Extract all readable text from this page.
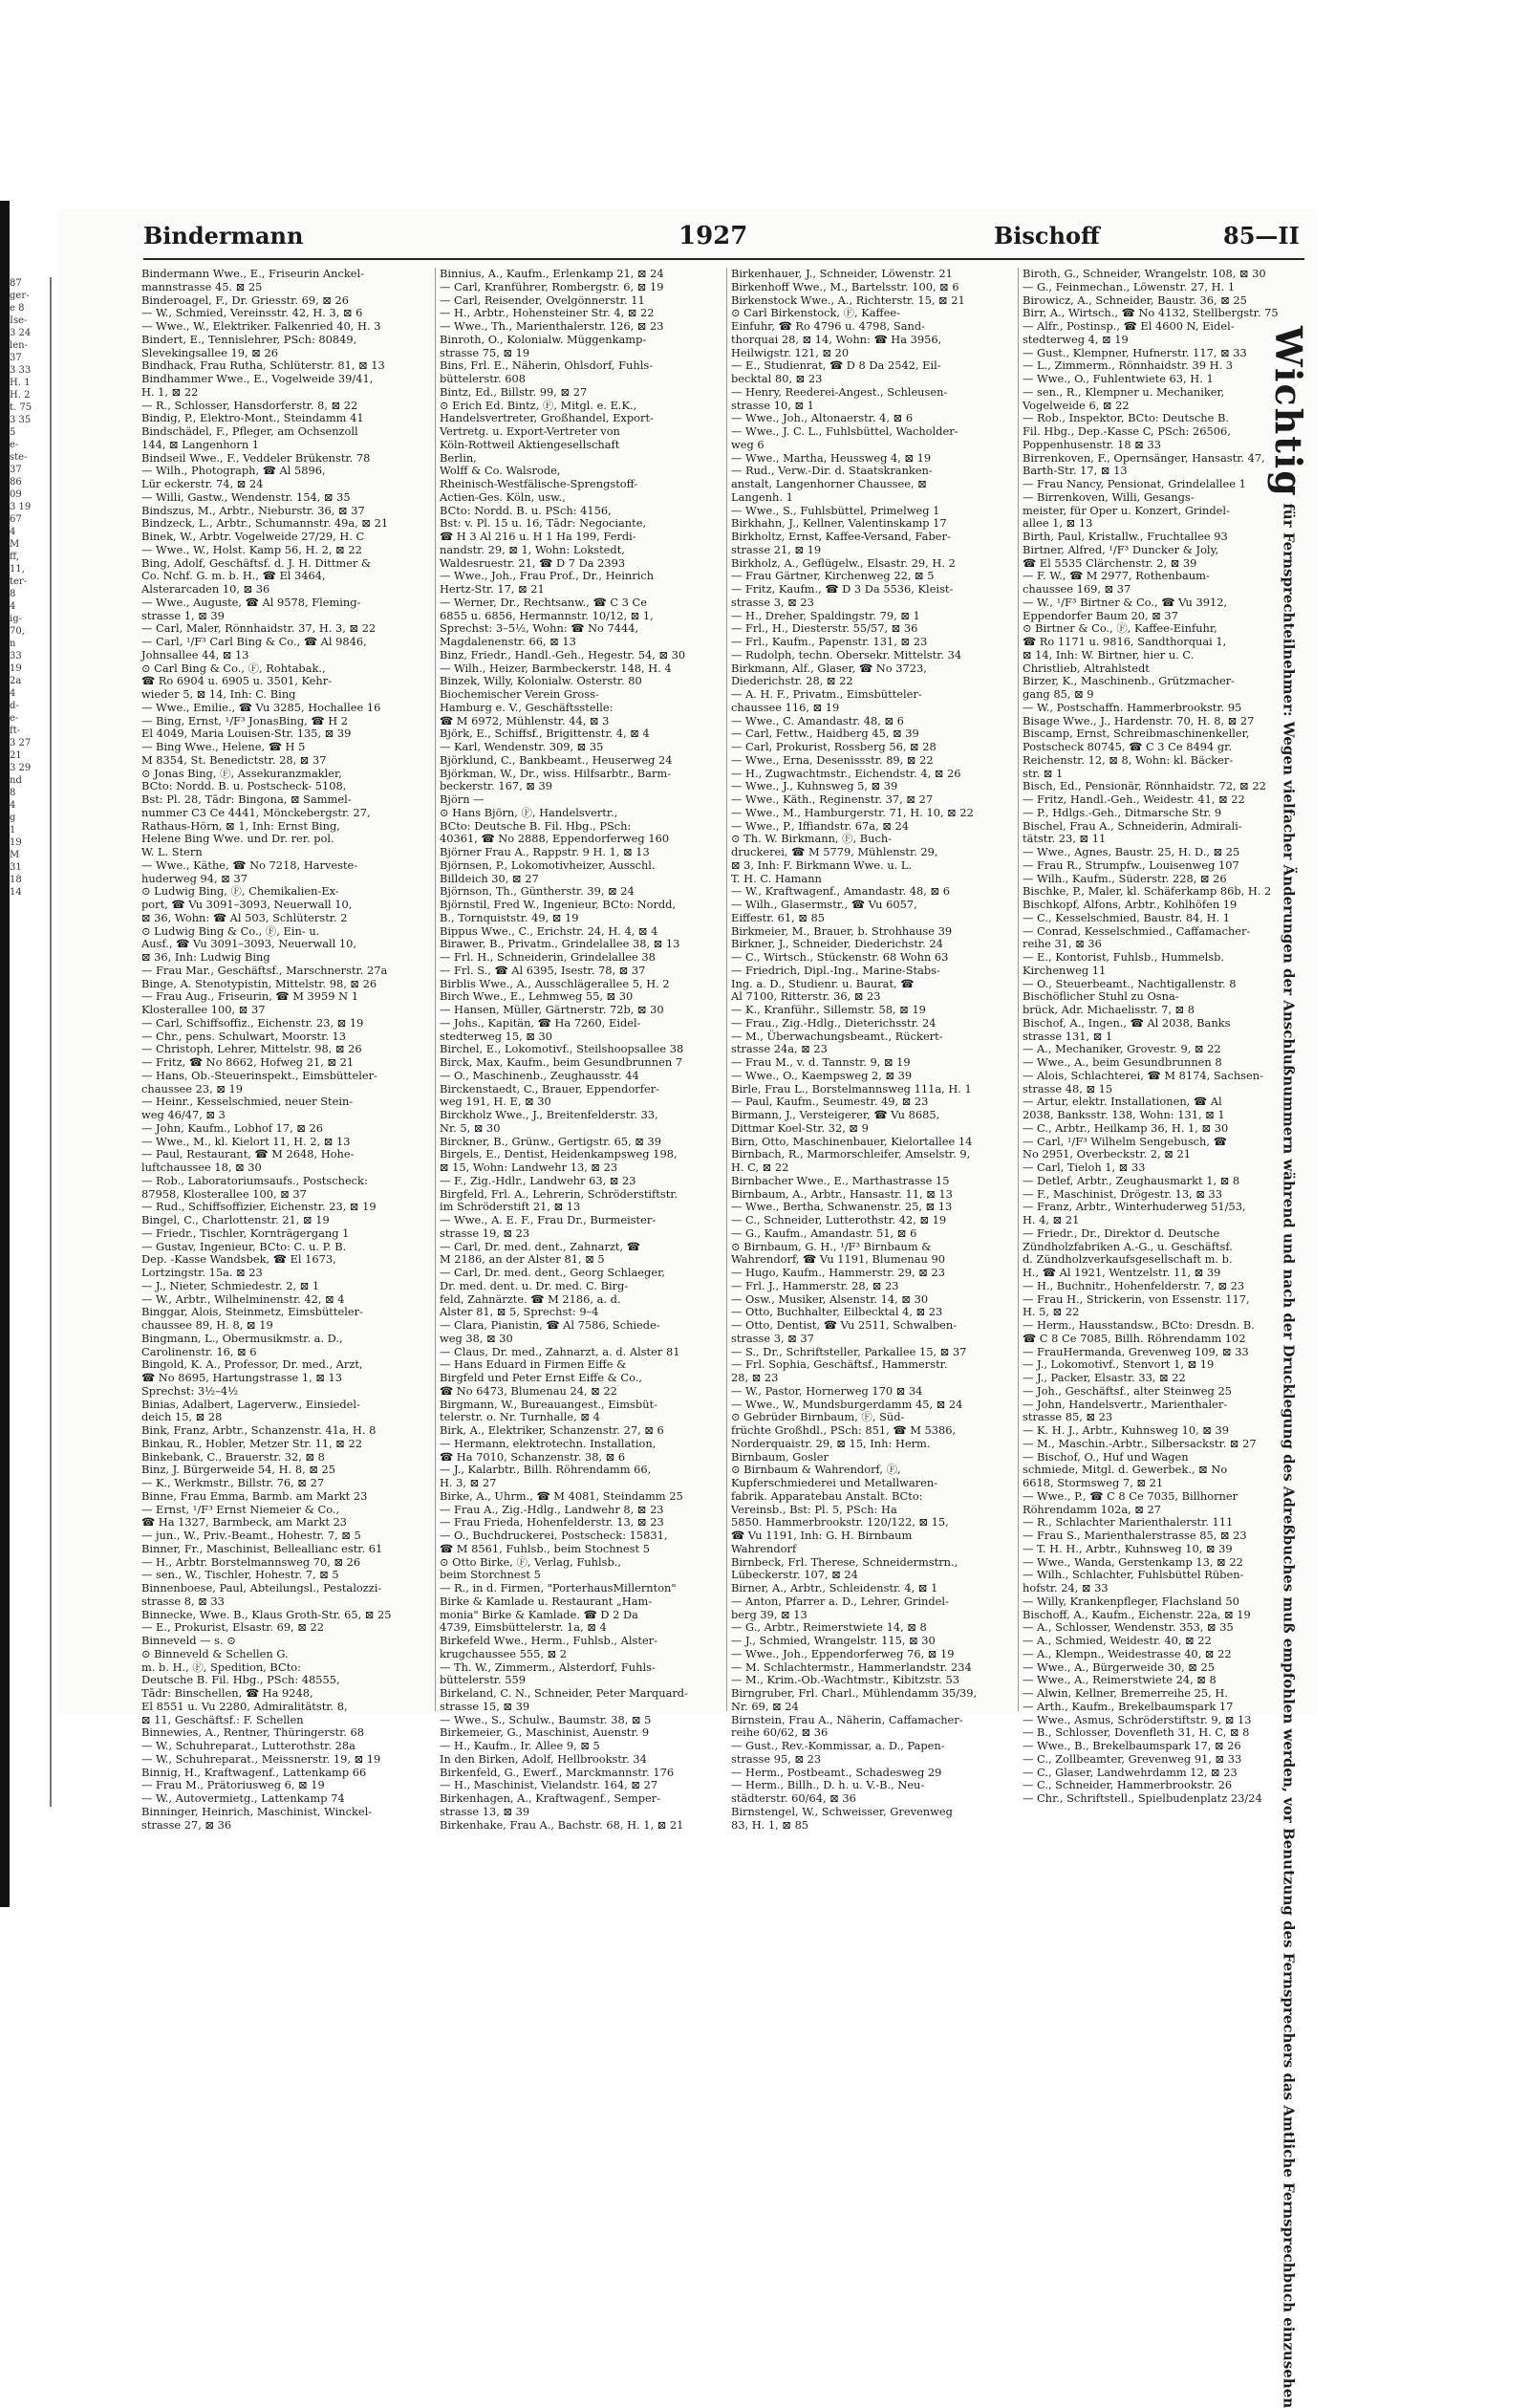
87
ger-
e 8
Ise-
3 24
len-
37
3 33
H. 1
H. 2
t. 75
3 35
5
e-
ste-
37
86
09
3 19
67
4
M
ff,
11,
ter-
8
4
ig-
70,
n
33
19
2a
4
d-
e-
ft-
3 27
21
3 29
nd
8
4
g
1
19
M
31
18
14
Bindermann	1927	Bischoff	85—II
Bindermann Wwe., E., Friseurin Anckel-
mannstrasse 45. ⊠ 25
Binderoagel, F., Dr. Griesstr. 69, ⊠ 26
— W., Schmied, Vereinsstr. 42, H. 3, ⊠ 6
— Wwe., W., Elektriker. Falkenried 40, H. 3
Bindert, E., Tennislehrer, PSch: 80849,
Slevekingsallee 19, ⊠ 26
Bindhack, Frau Rutha, Schlüterstr. 81, ⊠ 13
Bindhammer Wwe., E., Vogelweide 39/41,
H. 1, ⊠ 22
— R., Schlosser, Hansdorferstr. 8, ⊠ 22
Bindig, P., Elektro-Mont., Steindamm 41
Bindschädel, F., Pfleger, am Ochsenzoll
144, ⊠ Langenhorn 1
Bindseil Wwe., F., Veddeler Brükenstr. 78
— Wilh., Photograph, ☎ Al 5896,
Lür eckerstr. 74, ⊠ 24
— Willi, Gastw., Wendenstr. 154, ⊠ 35
Bindszus, M., Arbtr., Nieburstr. 36, ⊠ 37
Bindzeck, L., Arbtr., Schumannstr. 49a, ⊠ 21
Binek, W., Arbtr. Vogelweide 27/29, H. C
— Wwe., W., Holst. Kamp 56, H. 2, ⊠ 22
Bing, Adolf, Geschäftsf. d. J. H. Dittmer &
Co. Nchf. G. m. b. H., ☎ El 3464,
Alsterarcaden 10, ⊠ 36
— Wwe., Auguste, ☎ Al 9578, Fleming-
strasse 1, ⊠ 39
— Carl, Maler, Rönnhaidstr. 37, H. 3, ⊠ 22
— Carl, ¹/F³ Carl Bing & Co., ☎ Al 9846,
Johnsallee 44, ⊠ 13
⊙ Carl Bing & Co., Ⓕ, Rohtabak.,
☎ Ro 6904 u. 6905 u. 3501, Kehr-
wieder 5, ⊠ 14, Inh: C. Bing
— Wwe., Emilie., ☎ Vu 3285, Hochallee 16
— Bing, Ernst, ¹/F³ JonasBing, ☎ H 2
El 4049, Maria Louisen-Str. 135, ⊠ 39
— Bing Wwe., Helene, ☎ H 5
M 8354, St. Benedictstr. 28, ⊠ 37
⊙ Jonas Bing, Ⓕ, Assekuranzmakler,
BCto: Nordd. B. u. Postscheck- 5108,
Bst: Pl. 28, Tādr: Bingona, ⊠ Sammel-
nummer C3 Ce 4441, Mönckebergstr. 27,
Rathaus-Hörn, ⊠ 1, Inh: Ernst Bing,
Helene Bing Wwe. und Dr. rer. pol.
W. L. Stern
— Wwe., Käthe, ☎ No 7218, Harveste-
huderweg 94, ⊠ 37
⊙ Ludwig Bing, Ⓕ, Chemikalien-Ex-
port, ☎ Vu 3091–3093, Neuerwall 10,
⊠ 36, Wohn: ☎ Al 503, Schlüterstr. 2
⊙ Ludwig Bing & Co., Ⓕ, Ein- u.
Ausf., ☎ Vu 3091–3093, Neuerwall 10,
⊠ 36, Inh: Ludwig Bing
— Frau Mar., Geschäftsf., Marschnerstr. 27a
Binge, A. Stenotypistin, Mittelstr. 98, ⊠ 26
— Frau Aug., Friseurin, ☎ M 3959 N 1
Klosterallee 100, ⊠ 37
— Carl, Schiffsoffiz., Eichenstr. 23, ⊠ 19
— Chr., pens. Schulwart, Moorstr. 13
— Christoph, Lehrer, Mittelstr. 98, ⊠ 26
— Fritz, ☎ No 8662, Hofweg 21, ⊠ 21
— Hans, Ob.-Steuerinspekt., Eimsbütteler-
chaussee 23, ⊠ 19
— Heinr., Kesselschmied, neuer Stein-
weg 46/47, ⊠ 3
— John, Kaufm., Lobhof 17, ⊠ 26
— Wwe., M., kl. Kielort 11, H. 2, ⊠ 13
— Paul, Restaurant, ☎ M 2648, Hohe-
luftchaussee 18, ⊠ 30
— Rob., Laboratoriumsaufs., Postscheck:
87958, Klosterallee 100, ⊠ 37
— Rud., Schiffsoffizier, Eichenstr. 23, ⊠ 19
Bingel, C., Charlottenstr. 21, ⊠ 19
— Friedr., Tischler, Kornträgergang 1
— Gustav, Ingenieur, BCto: C. u. P. B.
Dep. -Kasse Wandsbek, ☎ El 1673,
Lortzingstr. 15a. ⊠ 23
— J., Nieter, Schmiedestr. 2, ⊠ 1
— W., Arbtr., Wilhelminenstr. 42, ⊠ 4
Binggar, Alois, Steinmetz, Eimsbütteler-
chaussee 89, H. 8, ⊠ 19
Bingmann, L., Obermusikmstr. a. D.,
Carolinenstr. 16, ⊠ 6
Bingold, K. A., Professor, Dr. med., Arzt,
☎ No 8695, Hartungstrasse 1, ⊠ 13
Sprechst: 3½–4½
Binias, Adalbert, Lagerverw., Einsiedel-
deich 15, ⊠ 28
Bink, Franz, Arbtr., Schanzenstr. 41a, H. 8
Binkau, R., Hobler, Metzer Str. 11, ⊠ 22
Binkebank, C., Brauerstr. 32, ⊠ 8
Binz, J. Bürgerweide 54, H. 8, ⊠ 25
— K., Werkmstr., Billstr. 76, ⊠ 27
Binne, Frau Emma, Barmb. am Markt 23
— Ernst, ¹/F³ Ernst Niemeier & Co.,
☎ Ha 1327, Barmbeck, am Markt 23
— jun., W., Priv.-Beamt., Hohestr. 7, ⊠ 5
Binner, Fr., Maschinist, Belleallianc estr. 61
— H., Arbtr. Borstelmannsweg 70, ⊠ 26
— sen., W., Tischler, Hohestr. 7, ⊠ 5
Binnenboese, Paul, Abteilungsl., Pestalozzi-
strasse 8, ⊠ 33
Binnecke, Wwe. B., Klaus Groth-Str. 65, ⊠ 25
— E., Prokurist, Elsastr. 69, ⊠ 22
Binneveld — s. ⊙
⊙ Binneveld & Schellen G.
m. b. H., Ⓕ, Spedition, BCto:
Deutsche B. Fil. Hbg., PSch: 48555,
Tādr: Binschellen, ☎ Ha 9248,
El 8551 u. Vu 2280, Admiralitätstr. 8,
⊠ 11, Geschäftsf.: F. Schellen
Binnewies, A., Rentner, Thüringerstr. 68
— W., Schuhreparat., Lutterothstr. 28a
— W., Schuhreparat., Meissnerstr. 19, ⊠ 19
Binnig, H., Kraftwagenf., Lattenkamp 66
— Frau M., Prätoriusweg 6, ⊠ 19
— W., Autovermietg., Lattenkamp 74
Binninger, Heinrich, Maschinist, Winckel-
strasse 27, ⊠ 36
Binnius, A., Kaufm., Erlenkamp 21, ⊠ 24
— Carl, Kranführer, Rombergstr. 6, ⊠ 19
— Carl, Reisender, Ovelgönnerstr. 11
— H., Arbtr., Hohensteiner Str. 4, ⊠ 22
— Wwe., Th., Marienthalerstr. 126, ⊠ 23
Binroth, O., Kolonialw. Müggenkamp-
strasse 75, ⊠ 19
Bins, Frl. E., Näherin, Ohlsdorf, Fuhls-
büttelerstr. 608
Bintz, Ed., Billstr. 99, ⊠ 27
⊙ Erich Ed. Bintz, Ⓕ, Mitgl. e. E.K.,
Handelsvertreter, Großhandel, Export-
Vertretg. u. Export-Vertreter von
Köln-Rottweil Aktiengesellschaft
Berlin,
Wolff & Co. Walsrode,
Rheinisch-Westfälische-Sprengstoff-
Actien-Ges. Köln, usw.,
BCto: Nordd. B. u. PSch: 4156,
Bst: v. Pl. 15 u. 16, Tādr: Negociante,
☎ H 3 Al 216 u. H 1 Ha 199, Ferdi-
nandstr. 29, ⊠ 1, Wohn: Lokstedt,
Waldesruestr. 21, ☎ D 7 Da 2393
— Wwe., Joh., Frau Prof., Dr., Heinrich
Hertz-Str. 17, ⊠ 21
— Werner, Dr., Rechtsanw., ☎ C 3 Ce
6855 u. 6856, Hermannstr. 10/12, ⊠ 1,
Sprechst: 3–5½, Wohn: ☎ No 7444,
Magdalenenstr. 66, ⊠ 13
Binz, Friedr., Handl.-Geh., Hegestr. 54, ⊠ 30
— Wilh., Heizer, Barmbeckerstr. 148, H. 4
Binzek, Willy, Kolonialw. Osterstr. 80
Biochemischer Verein Gross-
Hamburg e. V., Geschäftsstelle:
☎ M 6972, Mühlenstr. 44, ⊠ 3
Björk, E., Schiffsf., Brigittenstr. 4, ⊠ 4
— Karl, Wendenstr. 309, ⊠ 35
Björklund, C., Bankbeamt., Heuserweg 24
Björkman, W., Dr., wiss. Hilfsarbtr., Barm-
beckerstr. 167, ⊠ 39
Björn —
⊙ Hans Björn, Ⓕ, Handelsvertr.,
BCto: Deutsche B. Fil. Hbg., PSch:
40361, ☎ No 2888, Eppendorferweg 160
Björner Frau A., Rappstr. 9 H. 1, ⊠ 13
Björnsen, P., Lokomotivheizer, Ausschl.
Billdeich 30, ⊠ 27
Björnson, Th., Güntherstr. 39, ⊠ 24
Björnstil, Fred W., Ingenieur, BCto: Nordd,
B., Tornquiststr. 49, ⊠ 19
Bippus Wwe., C., Erichstr. 24, H. 4, ⊠ 4
Birawer, B., Privatm., Grindelallee 38, ⊠ 13
— Frl. H., Schneiderin, Grindelallee 38
— Frl. S., ☎ Al 6395, Isestr. 78, ⊠ 37
Birblis Wwe., A., Ausschlägerallee 5, H. 2
Birch Wwe., E., Lehmweg 55, ⊠ 30
— Hansen, Müller, Gärtnerstr. 72b, ⊠ 30
— Johs., Kapitän, ☎ Ha 7260, Eidel-
stedterweg 15, ⊠ 30
Birchel, E., Lokomotivf., Steilshoopsallee 38
Birck, Max, Kaufm., beim Gesundbrunnen 7
— O., Maschinenb., Zeughausstr. 44
Birckenstaedt, C., Brauer, Eppendorfer-
weg 191, H. E, ⊠ 30
Birckholz Wwe., J., Breitenfelderstr. 33,
Nr. 5, ⊠ 30
Birckner, B., Grünw., Gertigstr. 65, ⊠ 39
Birgels, E., Dentist, Heidenkampsweg 198,
⊠ 15, Wohn: Landwehr 13, ⊠ 23
— F., Zig.-Hdlr., Landwehr 63, ⊠ 23
Birgfeld, Frl. A., Lehrerin, Schröderstiftstr.
im Schröderstift 21, ⊠ 13
— Wwe., A. E. F., Frau Dr., Burmeister-
strasse 19, ⊠ 23
— Carl, Dr. med. dent., Zahnarzt, ☎
M 2186, an der Alster 81, ⊠ 5
— Carl, Dr. med. dent., Georg Schlaeger,
Dr. med. dent. u. Dr. med. C. Birg-
feld, Zahnärzte. ☎ M 2186, a. d.
Alster 81, ⊠ 5, Sprechst: 9–4
— Clara, Pianistin, ☎ Al 7586, Schiede-
weg 38, ⊠ 30
— Claus, Dr. med., Zahnarzt, a. d. Alster 81
— Hans Eduard in Firmen Eiffe &
Birgfeld und Peter Ernst Eiffe & Co.,
☎ No 6473, Blumenau 24, ⊠ 22
Birgmann, W., Bureauangest., Eimsbüt-
telerstr. o. Nr. Turnhalle, ⊠ 4
Birk, A., Elektriker, Schanzenstr. 27, ⊠ 6
— Hermann, elektrotechn. Installation,
☎ Ha 7010, Schanzenstr. 38, ⊠ 6
— J., Kalarbtr., Billh. Röhrendamm 66,
H. 3, ⊠ 27
Birke, A., Uhrm., ☎ M 4081, Steindamm 25
— Frau A., Zig.-Hdlg., Landwehr 8, ⊠ 23
— Frau Frieda, Hohenfelderstr. 13, ⊠ 23
— O., Buchdruckerei, Postscheck: 15831,
☎ M 8561, Fuhlsb., beim Stochnest 5
⊙ Otto Birke, Ⓕ, Verlag, Fuhlsb.,
beim Storchnest 5
— R., in d. Firmen, "PorterhausMillernton"
Birke & Kamlade u. Restaurant „Ham-
monia" Birke & Kamlade. ☎ D 2 Da
4739, Eimsbüttelerstr. 1a, ⊠ 4
Birkefeld Wwe., Herm., Fuhlsb., Alster-
krugchaussee 555, ⊠ 2
— Th. W., Zimmerm., Alsterdorf, Fuhls-
büttelerstr. 559
Birkeland, C. N., Schneider, Peter Marquard-
strasse 15, ⊠ 39
— Wwe., S., Schulw., Baumstr. 38, ⊠ 5
Birkemeier, G., Maschinist, Auenstr. 9
— H., Kaufm., Ir. Allee 9, ⊠ 5
In den Birken, Adolf, Hellbrookstr. 34
Birkenfeld, G., Ewerf., Marckmannstr. 176
— H., Maschinist, Vielandstr. 164, ⊠ 27
Birkenhagen, A., Kraftwagenf., Semper-
strasse 13, ⊠ 39
Birkenhake, Frau A., Bachstr. 68, H. 1, ⊠ 21
Birkenhauer, J., Schneider, Löwenstr. 21
Birkenhoff Wwe., M., Bartelsstr. 100, ⊠ 6
Birkenstock Wwe., A., Richterstr. 15, ⊠ 21
⊙ Carl Birkenstock, Ⓕ, Kaffee-
Einfuhr, ☎ Ro 4796 u. 4798, Sand-
thorquai 28, ⊠ 14, Wohn: ☎ Ha 3956,
Heilwigstr. 121, ⊠ 20
— E., Studienrat, ☎ D 8 Da 2542, Eil-
becktal 80, ⊠ 23
— Henry, Reederei-Angest., Schleusen-
strasse 10, ⊠ 1
— Wwe., Joh., Altonaerstr. 4, ⊠ 6
— Wwe., J. C. L., Fuhlsbüttel, Wacholder-
weg 6
— Wwe., Martha, Heussweg 4, ⊠ 19
— Rud., Verw.-Dir. d. Staatskranken-
anstalt, Langenhorner Chaussee, ⊠
Langenh. 1
— Wwe., S., Fuhlsbüttel, Primelweg 1
Birkhahn, J., Kellner, Valentinskamp 17
Birkholtz, Ernst, Kaffee-Versand, Faber-
strasse 21, ⊠ 19
Birkholz, A., Geflügelw., Elsastr. 29, H. 2
— Frau Gärtner, Kirchenweg 22, ⊠ 5
— Fritz, Kaufm., ☎ D 3 Da 5536, Kleist-
strasse 3, ⊠ 23
— H., Dreher, Spaldingstr. 79, ⊠ 1
— Frl., H., Diesterstr. 55/57, ⊠ 36
— Frl., Kaufm., Papenstr. 131, ⊠ 23
— Rudolph, techn. Obersekr. Mittelstr. 34
Birkmann, Alf., Glaser, ☎ No 3723,
Diederichstr. 28, ⊠ 22
— A. H. F., Privatm., Eimsbütteler-
chaussee 116, ⊠ 19
— Wwe., C. Amandastr. 48, ⊠ 6
— Carl, Fettw., Haidberg 45, ⊠ 39
— Carl, Prokurist, Rossberg 56, ⊠ 28
— Wwe., Erna, Desenissstr. 89, ⊠ 22
— H., Zugwachtmstr., Eichendstr. 4, ⊠ 26
— Wwe., J., Kuhnsweg 5, ⊠ 39
— Wwe., Käth., Reginenstr. 37, ⊠ 27
— Wwe., M., Hamburgerstr. 71, H. 10, ⊠ 22
— Wwe., P., Iffiandstr. 67a, ⊠ 24
⊙ Th. W. Birkmann, Ⓕ, Buch-
druckerei, ☎ M 5779, Mühlenstr. 29,
⊠ 3, Inh: F. Birkmann Wwe. u. L.
T. H. C. Hamann
— W., Kraftwagenf., Amandastr. 48, ⊠ 6
— Wilh., Glasermstr., ☎ Vu 6057,
Eiffestr. 61, ⊠ 85
Birkmeier, M., Brauer, b. Strohhause 39
Birkner, J., Schneider, Diederichstr. 24
— C., Wirtsch., Stückenstr. 68 Wohn 63
— Friedrich, Dipl.-Ing., Marine-Stabs-
Ing. a. D., Studienr. u. Baurat, ☎
Al 7100, Ritterstr. 36, ⊠ 23
— K., Kranführ., Sillemstr. 58, ⊠ 19
— Frau., Zig.-Hdlg., Dieterichsstr. 24
— M., Überwachungsbeamt., Rückert-
strasse 24a, ⊠ 23
— Frau M., v. d. Tannstr. 9, ⊠ 19
— Wwe., O., Kaempsweg 2, ⊠ 39
Birle, Frau L., Borstelmannsweg 111a, H. 1
— Paul, Kaufm., Seumestr. 49, ⊠ 23
Birmann, J., Versteigerer, ☎ Vu 8685,
Dittmar Koel-Str. 32, ⊠ 9
Birn, Otto, Maschinenbauer, Kielortallee 14
Birnbach, R., Marmorschleifer, Amselstr. 9,
H. C, ⊠ 22
Birnbacher Wwe., E., Marthastrasse 15
Birnbaum, A., Arbtr., Hansastr. 11, ⊠ 13
— Wwe., Bertha, Schwanenstr. 25, ⊠ 13
— C., Schneider, Lutterothstr. 42, ⊠ 19
— G., Kaufm., Amandastr. 51, ⊠ 6
⊙ Birnbaum, G. H., ¹/F³ Birnbaum &
Wahrendorf, ☎ Vu 1191, Blumenau 90
— Hugo, Kaufm., Hammerstr. 29, ⊠ 23
— Frl. J., Hammerstr. 28, ⊠ 23
— Osw., Musiker, Alsenstr. 14, ⊠ 30
— Otto, Buchhalter, Eilbecktal 4, ⊠ 23
— Otto, Dentist, ☎ Vu 2511, Schwalben-
strasse 3, ⊠ 37
— S., Dr., Schriftsteller, Parkallee 15, ⊠ 37
— Frl. Sophia, Geschäftsf., Hammerstr.
28, ⊠ 23
— W., Pastor, Hornerweg 170 ⊠ 34
— Wwe., W., Mundsburgerdamm 45, ⊠ 24
⊙ Gebrüder Birnbaum, Ⓕ, Süd-
früchte Großhdl., PSch: 851, ☎ M 5386,
Norderquaistr. 29, ⊠ 15, Inh: Herm.
Birnbaum, Gosler
⊙ Birnbaum & Wahrendorf, Ⓕ,
Kupferschmiederei und Metallwaren-
fabrik. Apparatebau Anstalt. BCto:
Vereinsb., Bst: Pl. 5, PSch: Ha
5850. Hammerbrookstr. 120/122, ⊠ 15,
☎ Vu 1191, Inh: G. H. Birnbaum
Wahrendorf
Birnbeck, Frl. Therese, Schneidermstrn.,
Lübeckerstr. 107, ⊠ 24
Birner, A., Arbtr., Schleidenstr. 4, ⊠ 1
— Anton, Pfarrer a. D., Lehrer, Grindel-
berg 39, ⊠ 13
— G., Arbtr., Reimerstwiete 14, ⊠ 8
— J., Schmied, Wrangelstr. 115, ⊠ 30
— Wwe., Joh., Eppendorferweg 76, ⊠ 19
— M. Schlachtermstr., Hammerlandstr. 234
— M., Krim.-Ob.-Wachtmstr., Kibitzstr. 53
Birngruber, Frl. Charl., Mühlendamm 35/39,
Nr. 69, ⊠ 24
Birnstein, Frau A., Näherin, Caffamacher-
reihe 60/62, ⊠ 36
— Gust., Rev.-Kommissar, a. D., Papen-
strasse 95, ⊠ 23
— Herm., Postbeamt., Schadesweg 29
— Herm., Billh., D. h. u. V.-B., Neu-
städterstr. 60/64, ⊠ 36
Birnstengel, W., Schweisser, Grevenweg
83, H. 1, ⊠ 85
Biroth, G., Schneider, Wrangelstr. 108, ⊠ 30
— G., Feinmechan., Löwenstr. 27, H. 1
Birowicz, A., Schneider, Baustr. 36, ⊠ 25
Birr, A., Wirtsch., ☎ No 4132, Stellbergstr. 75
— Alfr., Postinsp., ☎ El 4600 N, Eidel-
stedterweg 4, ⊠ 19
— Gust., Klempner, Hufnerstr. 117, ⊠ 33
— L., Zimmerm., Rönnhaidstr. 39 H. 3
— Wwe., O., Fuhlentwiete 63, H. 1
— sen., R., Klempner u. Mechaniker,
Vogelweide 6, ⊠ 22
— Rob., Inspektor, BCto: Deutsche B.
Fil. Hbg., Dep.-Kasse C, PSch: 26506,
Poppenhusenstr. 18 ⊠ 33
Birrenkoven, F., Opernsänger, Hansastr. 47,
Barth-Str. 17, ⊠ 13
— Frau Nancy, Pensionat, Grindelallee 1
— Birrenkoven, Willi, Gesangs-
meister, für Oper u. Konzert, Grindel-
allee 1, ⊠ 13
Birth, Paul, Kristallw., Fruchtallee 93
Birtner, Alfred, ¹/F³ Duncker & Joly,
☎ El 5535 Clärchenstr. 2, ⊠ 39
— F. W., ☎ M 2977, Rothenbaum-
chaussee 169, ⊠ 37
— W., ¹/F³ Birtner & Co., ☎ Vu 3912,
Eppendorfer Baum 20, ⊠ 37
⊙ Birtner & Co., Ⓕ, Kaffee-Einfuhr,
☎ Ro 1171 u. 9816, Sandthorquai 1,
⊠ 14, Inh: W. Birtner, hier u. C.
Christlieb, Altrahlstedt
Birzer, K., Maschinenb., Grützmacher-
gang 85, ⊠ 9
— W., Postschaffn. Hammerbrookstr. 95
Bisage Wwe., J., Hardenstr. 70, H. 8, ⊠ 27
Biscamp, Ernst, Schreibmaschinenkeller,
Postscheck 80745, ☎ C 3 Ce 8494 gr.
Reichenstr. 12, ⊠ 8, Wohn: kl. Bäcker-
str. ⊠ 1
Bisch, Ed., Pensionär, Rönnhaidstr. 72, ⊠ 22
— Fritz, Handl.-Geh., Weidestr. 41, ⊠ 22
— P., Hdlgs.-Geh., Ditmarsche Str. 9
Bischel, Frau A., Schneiderin, Admirali-
tätstr. 23, ⊠ 11
— Wwe., Agnes, Baustr. 25, H. D., ⊠ 25
— Frau R., Strumpfw., Louisenweg 107
— Wilh., Kaufm., Süderstr. 228, ⊠ 26
Bischke, P., Maler, kl. Schäferkamp 86b, H. 2
Bischkopf, Alfons, Arbtr., Kohlhöfen 19
— C., Kesselschmied, Baustr. 84, H. 1
— Conrad, Kesselschmied., Caffamacher-
reihe 31, ⊠ 36
— E., Kontorist, Fuhlsb., Hummelsb.
Kirchenweg 11
— O., Steuerbeamt., Nachtigallenstr. 8
Bischöflicher Stuhl zu Osna-
brück, Adr. Michaelisstr. 7, ⊠ 8
Bischof, A., Ingen., ☎ Al 2038, Banks
strasse 131, ⊠ 1
— A., Mechaniker, Grovestr. 9, ⊠ 22
— Wwe., A., beim Gesundbrunnen 8
— Alois, Schlachterei, ☎ M 8174, Sachsen-
strasse 48, ⊠ 15
— Artur, elektr. Installationen, ☎ Al
2038, Banksstr. 138, Wohn: 131, ⊠ 1
— C., Arbtr., Heilkamp 36, H. 1, ⊠ 30
— Carl, ¹/F³ Wilhelm Sengebusch, ☎
No 2951, Overbeckstr. 2, ⊠ 21
— Carl, Tieloh 1, ⊠ 33
— Detlef, Arbtr., Zeughausmarkt 1, ⊠ 8
— F., Maschinist, Drögestr. 13, ⊠ 33
— Franz, Arbtr., Winterhuderweg 51/53,
H. 4, ⊠ 21
— Friedr., Dr., Direktor d. Deutsche
Zündholzfabriken A.-G., u. Geschäftsf.
d. Zündholzverkaufsgesellschaft m. b.
H., ☎ Al 1921, Wentzelstr. 11, ⊠ 39
— H., Buchnitr., Hohenfelderstr. 7, ⊠ 23
— Frau H., Strickerin, von Essenstr. 117,
H. 5, ⊠ 22
— Herm., Hausstandsw., BCto: Dresdn. B.
☎ C 8 Ce 7085, Billh. Röhrendamm 102
— FrauHermanda, Grevenweg 109, ⊠ 33
— J., Lokomotivf., Stenvort 1, ⊠ 19
— J., Packer, Elsastr. 33, ⊠ 22
— Joh., Geschäftsf., alter Steinweg 25
— John, Handelsvertr., Marienthaler-
strasse 85, ⊠ 23
— K. H. J., Arbtr., Kuhnsweg 10, ⊠ 39
— M., Maschin.-Arbtr., Silbersackstr. ⊠ 27
— Bischof, O., Huf und Wagen
schmiede, Mitgl. d. Gewerbek., ⊠ No
6618, Stormsweg 7, ⊠ 21
— Wwe., P., ☎ C 8 Ce 7035, Billhorner
Röhrendamm 102a, ⊠ 27
— R., Schlachter Marienthalerstr. 111
— Frau S., Marienthalerstrasse 85, ⊠ 23
— T. H. H., Arbtr., Kuhnsweg 10, ⊠ 39
— Wwe., Wanda, Gerstenkamp 13, ⊠ 22
— Wilh., Schlachter, Fuhlsbüttel Rüben-
hofstr. 24, ⊠ 33
— Willy, Krankenpfleger, Flachsland 50
Bischoff, A., Kaufm., Eichenstr. 22a, ⊠ 19
— A., Schlosser, Wendenstr. 353, ⊠ 35
— A., Schmied, Weidestr. 40, ⊠ 22
— A., Klempn., Weidestrasse 40, ⊠ 22
— Wwe., A., Bürgerweide 30, ⊠ 25
— Wwe., A., Reimerstwiete 24, ⊠ 8
— Alwin, Kellner, Bremerreihe 25, H.
— Arth., Kaufm., Brekelbaumspark 17
— Wwe., Asmus, Schröderstiftstr. 9, ⊠ 13
— B., Schlosser, Dovenfleth 31, H. C, ⊠ 8
— Wwe., B., Brekelbaumspark 17, ⊠ 26
— C., Zollbeamter, Grevenweg 91, ⊠ 33
— C., Glaser, Landwehrdamm 12, ⊠ 23
— C., Schneider, Hammerbrookstr. 26
— Chr., Schriftstell., Spielbudenplatz 23/24
Wichtig für Fernsprechteilnehmer: Wegen vielfacher Änderungen der Anschlußnummern während und nach der Drucklegung des Adreßbuches muß empfohlen werden, vor Benutzung des Fernsprechers das Amtliche Fernsprechbuch einzusehen
